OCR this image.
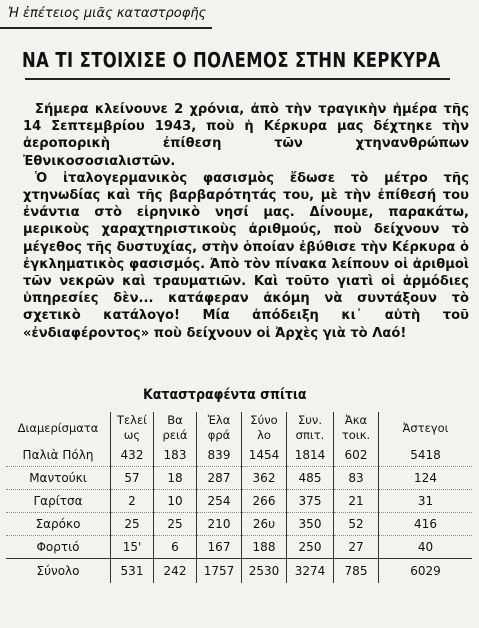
Ἡ ἐπέτειος μιᾶς καταστροφῆς
ΝΑ ΤΙ ΣΤΟΙΧΙΣΕ Ο ΠΟΛΕΜΟΣ ΣΤΗΝ ΚΕΡΚΥΡΑ

Σήμερα κλείνουνε 2 χρόνια, ἀπὸ τὴν τραγικὴν ἡμέρα τῆς 14 Σεπτεμβρίου 1943, ποὺ ἡ Κέρκυρα μας δέχτηκε τὴν ἀεροπορικὴ ἐπίθεση τῶν χτηνανθρώπων Ἐθνικοσοσιαλιστῶν.

Ὁ ἰταλογερμανικὸς φασισμὸς ἔδωσε τὸ μέτρο τῆς χτηνωδίας καὶ τῆς βαρβαρότητάς του, μὲ τὴν ἐπίθεσή του ἐνάντια στὸ εἰρηνικὸ νησί μας. Δίνουμε, παρακάτω, μερικοὺς χαραχτηριστικοὺς ἀριθμούς, ποὺ δείχνουν τὸ μέγεθος τῆς δυστυχίας, στὴν ὁποίαν ἐβύθισε τὴν Κέρκυρα ὁ ἐγκληματικὸς φασισμός. Ἀπὸ τὸν πίνακα λείπουν οἱ ἀριθμοὶ τῶν νεκρῶν καὶ τραυματιῶν. Καὶ τοῦτο γιατὶ οἱ ἁρμόδιες ὑπηρεσίες δὲν... κατάφεραν ἀκόμη νὰ συντάξουν τὸ σχετικὸ κατάλογο! Μία ἀπόδειξη κι᾿ αὐτὴ τοῦ «ἐνδιαφέροντος» ποὺ δείχνουν οἱ Ἀρχὲς γιὰ τὸ Λαό!

Καταστραφέντα σπίτια
Διαμερίσματα	Τελεί ως	Βα ρειά	Ἐλα φρά	Σύνο λο	Συν. σπιτ.	Ἀκα τοικ.	Ἀστεγοι
Παλιὰ Πόλη	432	183	839	1454	1814	602	5418
Μαντούκι	57	18	287	362	485	83	124
Γαρίτσα	2	10	254	266	375	21	31
Σαρόκο	25	25	210	26υ	350	52	416
Φορτιό	15'	6	167	188	250	27	40
Σύνολο	531	242	1757	2530	3274	785	6029
